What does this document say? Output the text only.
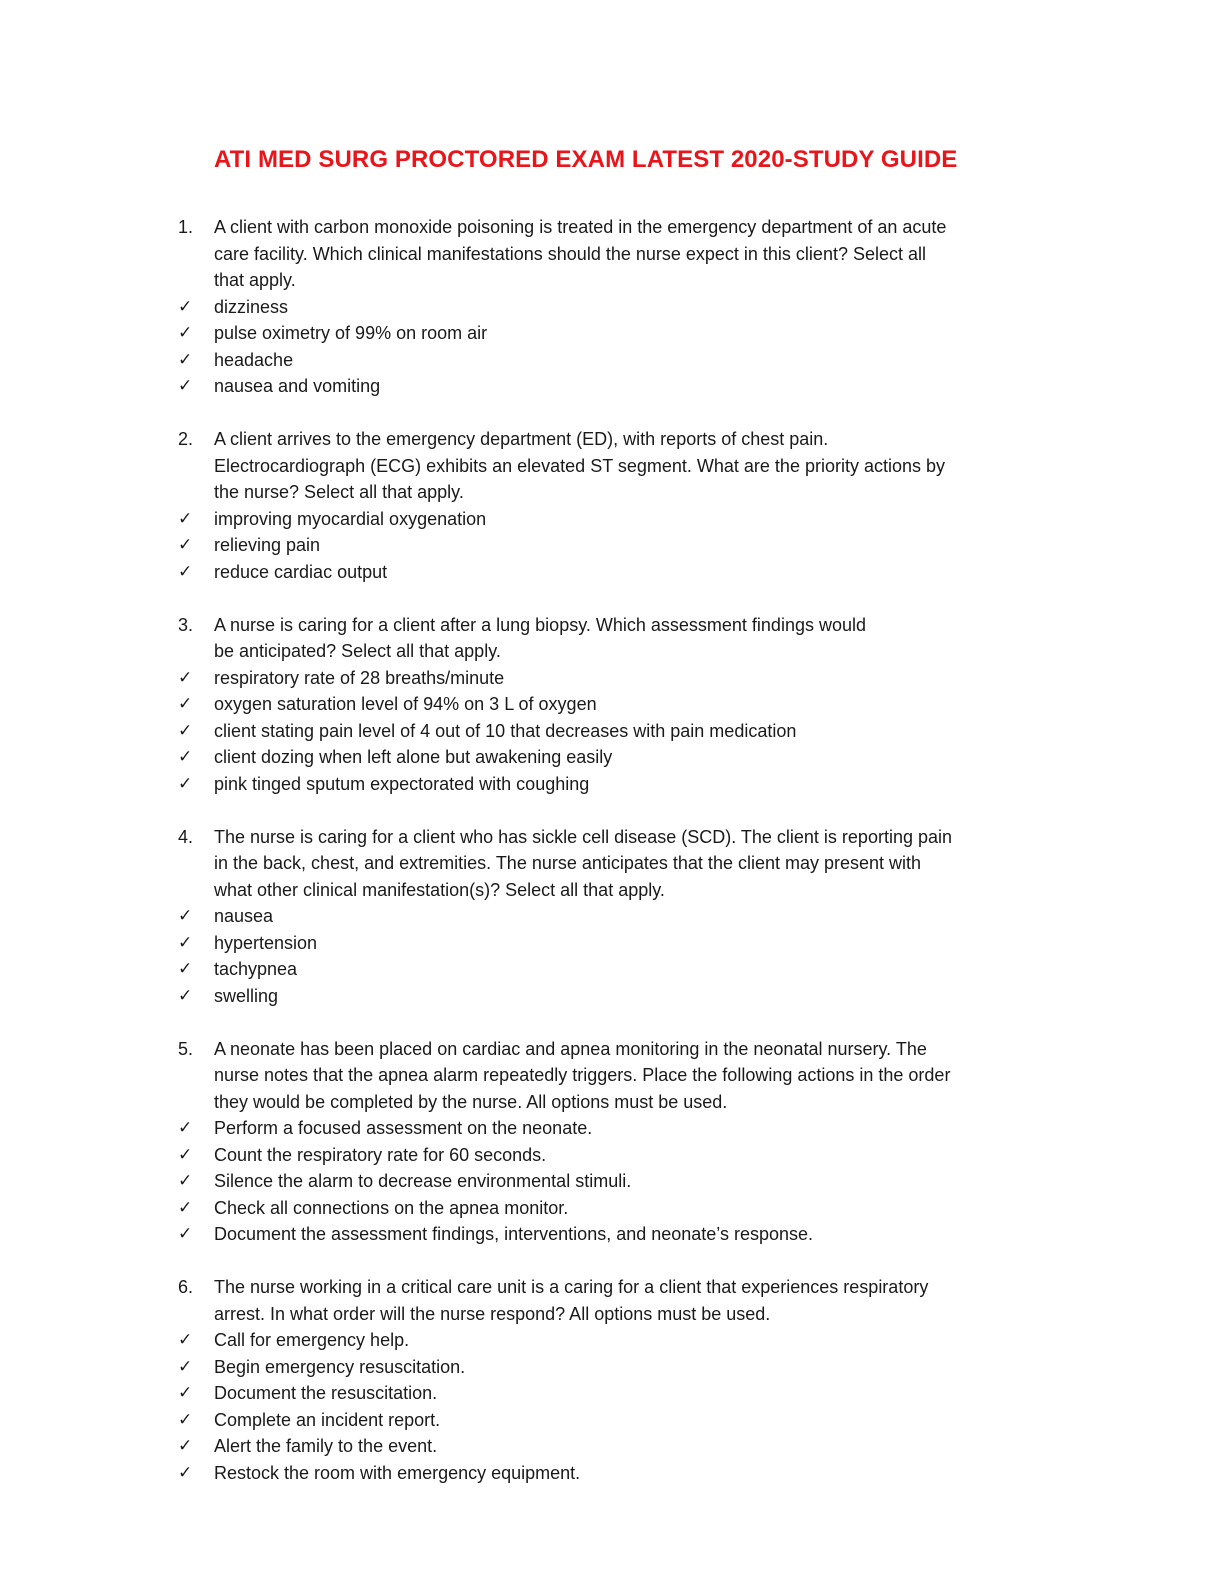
ATI MED SURG PROCTORED EXAM LATEST 2020-STUDY GUIDE
1.	A client with carbon monoxide poisoning is treated in the emergency department of an acute
care facility. Which clinical manifestations should the nurse expect in this client? Select all
that apply.
✓	dizziness
✓	pulse oximetry of 99% on room air
✓	headache
✓	nausea and vomiting
2.	A client arrives to the emergency department (ED), with reports of chest pain.
Electrocardiograph (ECG) exhibits an elevated ST segment. What are the priority actions by
the nurse? Select all that apply.
✓	improving myocardial oxygenation
✓	relieving pain
✓	reduce cardiac output
3.	A nurse is caring for a client after a lung biopsy. Which assessment findings would
be anticipated? Select all that apply.
✓	respiratory rate of 28 breaths/minute
✓	oxygen saturation level of 94% on 3 L of oxygen
✓	client stating pain level of 4 out of 10 that decreases with pain medication
✓	client dozing when left alone but awakening easily
✓	pink tinged sputum expectorated with coughing
4.	The nurse is caring for a client who has sickle cell disease (SCD). The client is reporting pain
in the back, chest, and extremities. The nurse anticipates that the client may present with
what other clinical manifestation(s)? Select all that apply.
✓	nausea
✓	hypertension
✓	tachypnea
✓	swelling
5.	A neonate has been placed on cardiac and apnea monitoring in the neonatal nursery. The
nurse notes that the apnea alarm repeatedly triggers. Place the following actions in the order
they would be completed by the nurse. All options must be used.
✓	Perform a focused assessment on the neonate.
✓	Count the respiratory rate for 60 seconds.
✓	Silence the alarm to decrease environmental stimuli.
✓	Check all connections on the apnea monitor.
✓	Document the assessment findings, interventions, and neonate’s response.
6.	The nurse working in a critical care unit is a caring for a client that experiences respiratory
arrest. In what order will the nurse respond? All options must be used.
✓	Call for emergency help.
✓	Begin emergency resuscitation.
✓	Document the resuscitation.
✓	Complete an incident report.
✓	Alert the family to the event.
✓	Restock the room with emergency equipment.
